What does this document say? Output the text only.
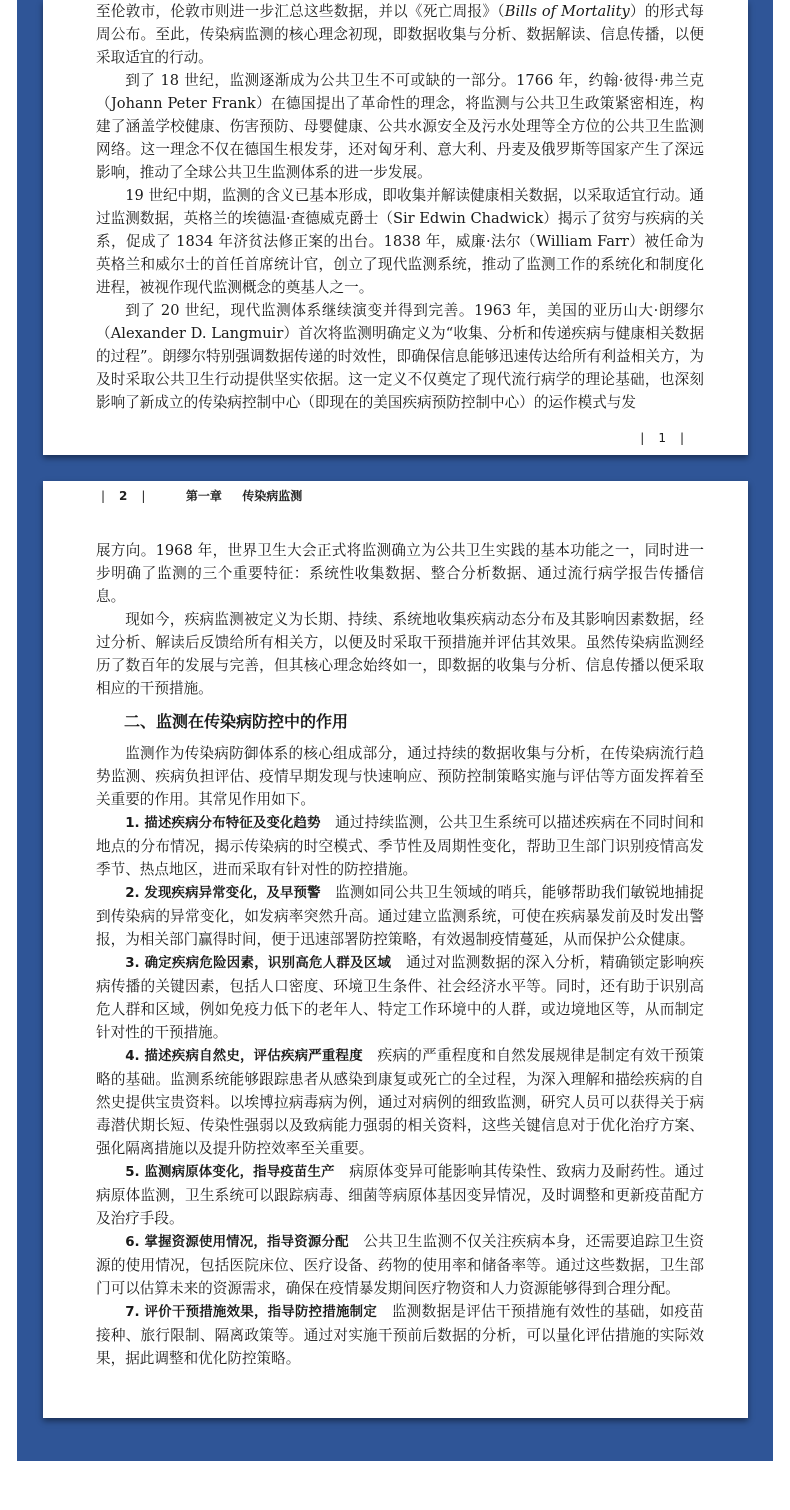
至伦敦市，伦敦市则进一步汇总这些数据，并以《死亡周报》（Bills of Mortality）的形式每周公布。至此，传染病监测的核心理念初现，即数据收集与分析、数据解读、信息传播，以便采取适宜的行动。

到了 18 世纪，监测逐渐成为公共卫生不可或缺的一部分。1766 年，约翰·彼得·弗兰克（Johann Peter Frank）在德国提出了革命性的理念，将监测与公共卫生政策紧密相连，构建了涵盖学校健康、伤害预防、母婴健康、公共水源安全及污水处理等全方位的公共卫生监测网络。这一理念不仅在德国生根发芽，还对匈牙利、意大利、丹麦及俄罗斯等国家产生了深远影响，推动了全球公共卫生监测体系的进一步发展。

19 世纪中期，监测的含义已基本形成，即收集并解读健康相关数据，以采取适宜行动。通过监测数据，英格兰的埃德温·查德威克爵士（Sir Edwin Chadwick）揭示了贫穷与疾病的关系，促成了 1834 年济贫法修正案的出台。1838 年，威廉·法尔（William Farr）被任命为英格兰和威尔士的首任首席统计官，创立了现代监测系统，推动了监测工作的系统化和制度化进程，被视作现代监测概念的奠基人之一。

到了 20 世纪，现代监测体系继续演变并得到完善。1963 年，美国的亚历山大·朗缪尔（Alexander D. Langmuir）首次将监测明确定义为“收集、分析和传递疾病与健康相关数据的过程”。朗缪尔特别强调数据传递的时效性，即确保信息能够迅速传达给所有利益相关方，为及时采取公共卫生行动提供坚实依据。这一定义不仅奠定了现代流行病学的理论基础，也深刻影响了新成立的传染病控制中心（即现在的美国疾病预防控制中心）的运作模式与发

| 1 |
| 2 |	第一章 传染病监测

展方向。1968 年，世界卫生大会正式将监测确立为公共卫生实践的基本功能之一，同时进一步明确了监测的三个重要特征：系统性收集数据、整合分析数据、通过流行病学报告传播信息。

现如今，疾病监测被定义为长期、持续、系统地收集疾病动态分布及其影响因素数据，经过分析、解读后反馈给所有相关方，以便及时采取干预措施并评估其效果。虽然传染病监测经历了数百年的发展与完善，但其核心理念始终如一，即数据的收集与分析、信息传播以便采取相应的干预措施。

二、监测在传染病防控中的作用

监测作为传染病防御体系的核心组成部分，通过持续的数据收集与分析，在传染病流行趋势监测、疾病负担评估、疫情早期发现与快速响应、预防控制策略实施与评估等方面发挥着至关重要的作用。其常见作用如下。

1. 描述疾病分布特征及变化趋势 通过持续监测，公共卫生系统可以描述疾病在不同时间和地点的分布情况，揭示传染病的时空模式、季节性及周期性变化，帮助卫生部门识别疫情高发季节、热点地区，进而采取有针对性的防控措施。

2. 发现疾病异常变化，及早预警 监测如同公共卫生领域的哨兵，能够帮助我们敏锐地捕捉到传染病的异常变化，如发病率突然升高。通过建立监测系统，可使在疾病暴发前及时发出警报，为相关部门赢得时间，便于迅速部署防控策略，有效遏制疫情蔓延，从而保护公众健康。

3. 确定疾病危险因素，识别高危人群及区域 通过对监测数据的深入分析，精确锁定影响疾病传播的关键因素，包括人口密度、环境卫生条件、社会经济水平等。同时，还有助于识别高危人群和区域，例如免疫力低下的老年人、特定工作环境中的人群，或边境地区等，从而制定针对性的干预措施。

4. 描述疾病自然史，评估疾病严重程度 疾病的严重程度和自然发展规律是制定有效干预策略的基础。监测系统能够跟踪患者从感染到康复或死亡的全过程，为深入理解和描绘疾病的自然史提供宝贵资料。以埃博拉病毒病为例，通过对病例的细致监测，研究人员可以获得关于病毒潜伏期长短、传染性强弱以及致病能力强弱的相关资料，这些关键信息对于优化治疗方案、强化隔离措施以及提升防控效率至关重要。

5. 监测病原体变化，指导疫苗生产 病原体变异可能影响其传染性、致病力及耐药性。通过病原体监测，卫生系统可以跟踪病毒、细菌等病原体基因变异情况，及时调整和更新疫苗配方及治疗手段。

6. 掌握资源使用情况，指导资源分配 公共卫生监测不仅关注疾病本身，还需要追踪卫生资源的使用情况，包括医院床位、医疗设备、药物的使用率和储备率等。通过这些数据，卫生部门可以估算未来的资源需求，确保在疫情暴发期间医疗物资和人力资源能够得到合理分配。

7. 评价干预措施效果，指导防控措施制定 监测数据是评估干预措施有效性的基础，如疫苗接种、旅行限制、隔离政策等。通过对实施干预前后数据的分析，可以量化评估措施的实际效果，据此调整和优化防控策略。
